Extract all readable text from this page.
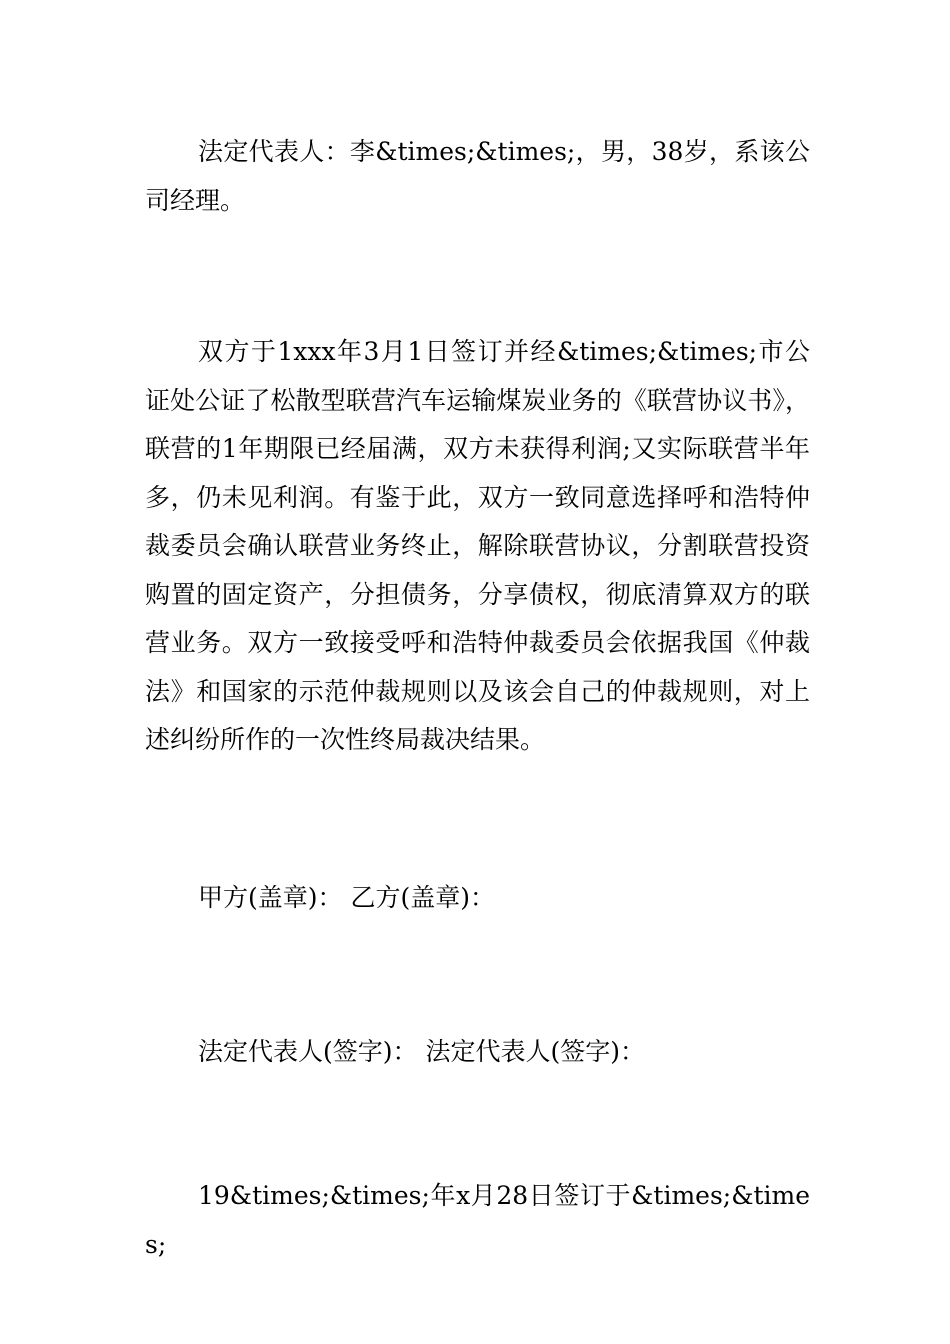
法定代表人：李&times;&times;，男，38岁，系该公司经理。

双方于1xxx年3月1日签订并经&times;&times;市公证处公证了松散型联营汽车运输煤炭业务的《联营协议书》，联营的1年期限已经届满，双方未获得利润;又实际联营半年多，仍未见利润。有鉴于此，双方一致同意选择呼和浩特仲裁委员会确认联营业务终止，解除联营协议，分割联营投资购置的固定资产，分担债务，分享债权，彻底清算双方的联营业务。双方一致接受呼和浩特仲裁委员会依据我国《仲裁法》和国家的示范仲裁规则以及该会自己的仲裁规则，对上述纠纷所作的一次性终局裁决结果。

甲方(盖章)： 乙方(盖章)：

法定代表人(签字)： 法定代表人(签字)：

19&times;&times;年x月28日签订于&times;&times;
